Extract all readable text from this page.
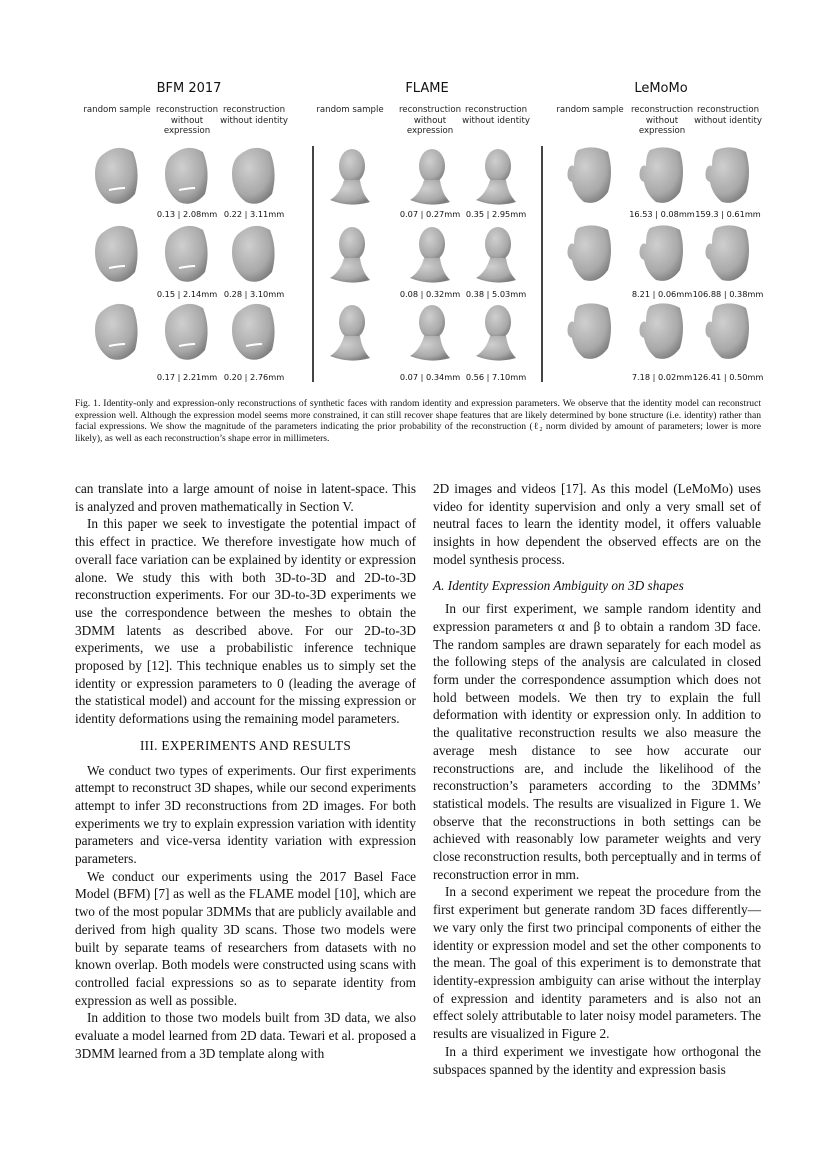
BFM 2017
random sample reconstruction without expression
0.13 | 2.08mm
0.15 | 2.14mm
0.17 | 2.21mm
reconstruction without identity
0.22 | 3.11mm
0.28 | 3.10mm
0.20 | 2.76mm
FLAME
random sample	reconstruction without expression
0.07 | 0.27mm
0.08 | 0.32mm
0.07 | 0.34mm
reconstruction without identity
0.35 | 2.95mm
0.38 | 5.03mm
0.56 | 7.10mm
LeMoMo
random sample reconstruction without expression
16.53 | 0.08mm
8.21 | 0.06mm
7.18 | 0.02mm
reconstruction without identity
159.3 | 0.61mm
106.88 | 0.38mm
126.41 | 0.50mm
Fig. 1. Identity-only and expression-only reconstructions of synthetic faces with random identity and expression parameters. We observe that the identity model can reconstruct expression well. Although the expression model seems more constrained, it can still recover shape features that are likely determined by bone structure (i.e. identity) rather than facial expressions. We show the magnitude of the parameters indicating the prior probability of the reconstruction (ℓ₂ norm divided by amount of parameters; lower is more likely), as well as each reconstruction’s shape error in millimeters.

can translate into a large amount of noise in latent-space. This is analyzed and proven mathematically in Section V.

In this paper we seek to investigate the potential impact of this effect in practice. We therefore investigate how much of overall face variation can be explained by identity or expression alone. We study this with both 3D-to-3D and 2D-to-3D reconstruction experiments. For our 3D-to-3D experiments we use the correspondence between the meshes to obtain the 3DMM latents as described above. For our 2D-to-3D experiments, we use a probabilistic inference technique proposed by [12]. This technique enables us to simply set the identity or expression parameters to 0 (leading the average of the statistical model) and account for the missing expression or identity deformations using the remaining model parameters.

III. EXPERIMENTS AND RESULTS

We conduct two types of experiments. Our first experiments attempt to reconstruct 3D shapes, while our second experiments attempt to infer 3D reconstructions from 2D images. For both experiments we try to explain expression variation with identity parameters and vice-versa identity variation with expression parameters.

We conduct our experiments using the 2017 Basel Face Model (BFM) [7] as well as the FLAME model [10], which are two of the most popular 3DMMs that are publicly available and derived from high quality 3D scans. Those two models were built by separate teams of researchers from datasets with no known overlap. Both models were constructed using scans with controlled facial expressions so as to separate identity from expression as well as possible.

In addition to those two models built from 3D data, we also evaluate a model learned from 2D data. Tewari et al. proposed a 3DMM learned from a 3D template along with

2D images and videos [17]. As this model (LeMoMo) uses video for identity supervision and only a very small set of neutral faces to learn the identity model, it offers valuable insights in how dependent the observed effects are on the model synthesis process.

A. Identity Expression Ambiguity on 3D shapes

In our first experiment, we sample random identity and expression parameters α and β to obtain a random 3D face. The random samples are drawn separately for each model as the following steps of the analysis are calculated in closed form under the correspondence assumption which does not hold between models. We then try to explain the full deformation with identity or expression only. In addition to the qualitative reconstruction results we also measure the average mesh distance to see how accurate our reconstructions are, and include the likelihood of the reconstruction’s parameters according to the 3DMMs’ statistical models. The results are visualized in Figure 1. We observe that the reconstructions in both settings can be achieved with reasonably low parameter weights and very close reconstruction results, both perceptually and in terms of reconstruction error in mm.

In a second experiment we repeat the procedure from the first experiment but generate random 3D faces differently—we vary only the first two principal components of either the identity or expression model and set the other components to the mean. The goal of this experiment is to demonstrate that identity-expression ambiguity can arise without the interplay of expression and identity parameters and is also not an effect solely attributable to later noisy model parameters. The results are visualized in Figure 2.

In a third experiment we investigate how orthogonal the subspaces spanned by the identity and expression basis
